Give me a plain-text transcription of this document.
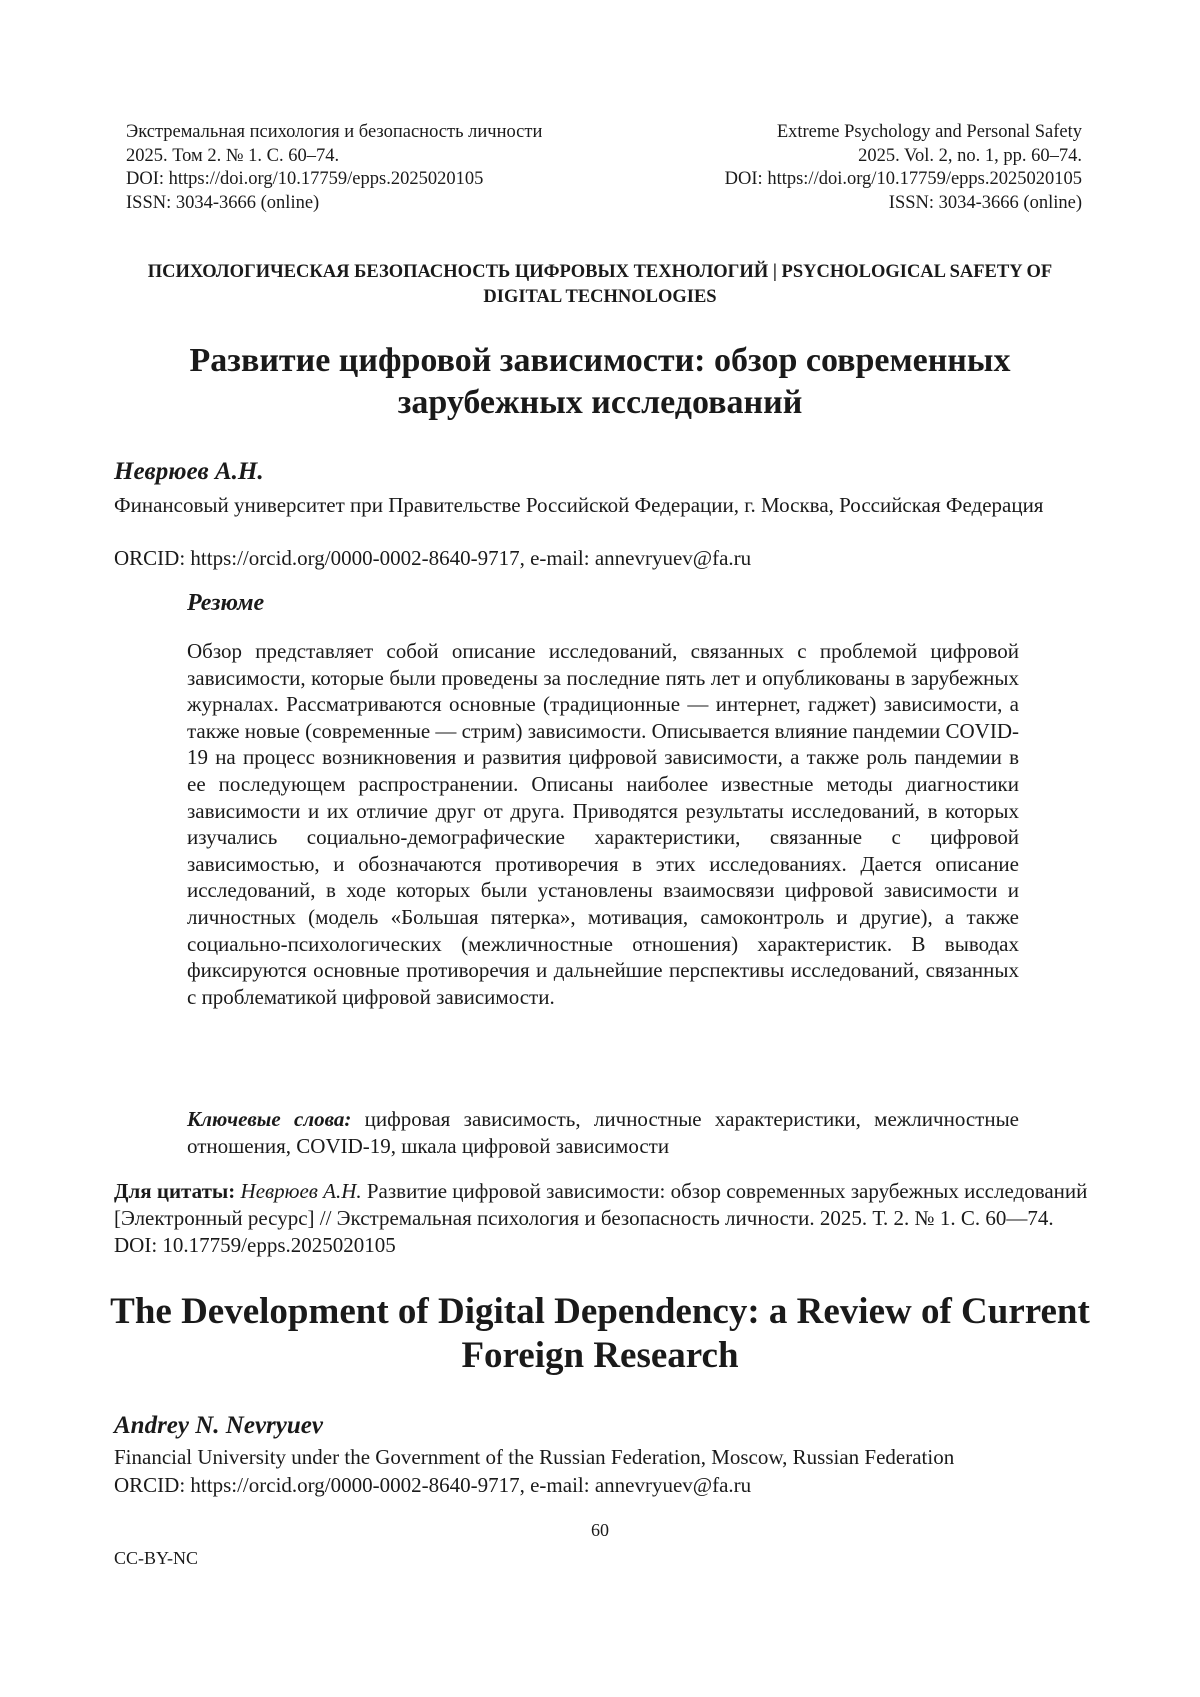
Экстремальная психология и безопасность личности
2025. Том 2. № 1. С. 60–74.
DOI: https://doi.org/10.17759/epps.2025020105
ISSN: 3034-3666 (online)
Extreme Psychology and Personal Safety
2025. Vol. 2, no. 1, pp. 60–74.
DOI: https://doi.org/10.17759/epps.2025020105
ISSN: 3034-3666 (online)
ПСИХОЛОГИЧЕСКАЯ БЕЗОПАСНОСТЬ ЦИФРОВЫХ ТЕХНОЛОГИЙ | PSYCHOLOGICAL SAFETY OF DIGITAL TECHNOLOGIES
Развитие цифровой зависимости: обзор современных зарубежных исследований
Неврюев А.Н.
Финансовый университет при Правительстве Российской Федерации, г. Москва, Российская Федерация
ORCID: https://orcid.org/0000-0002-8640-9717, e-mail: annevryuev@fa.ru
Резюме
Обзор представляет собой описание исследований, связанных с проблемой цифровой зависимости, которые были проведены за последние пять лет и опубликованы в зарубежных журналах. Рассматриваются основные (традиционные — интернет, гаджет) зависимости, а также новые (современные — стрим) зависимости. Описывается влияние пандемии COVID-19 на процесс возникновения и развития цифровой зависимости, а также роль пандемии в ее последующем распространении. Описаны наиболее известные методы диагностики зависимости и их отличие друг от друга. Приводятся результаты исследований, в которых изучались социально-демографические характеристики, связанные с цифровой зависимостью, и обозначаются противоречия в этих исследованиях. Дается описание исследований, в ходе которых были установлены взаимосвязи цифровой зависимости и личностных (модель «Большая пятерка», мотивация, самоконтроль и другие), а также социально-психологических (межличностные отношения) характеристик. В выводах фиксируются основные противоречия и дальнейшие перспективы исследований, связанных с проблематикой цифровой зависимости.
Ключевые слова: цифровая зависимость, личностные характеристики, межличностные отношения, COVID-19, шкала цифровой зависимости
Для цитаты: Неврюев А.Н. Развитие цифровой зависимости: обзор современных зарубежных исследований [Электронный ресурс] // Экстремальная психология и безопасность личности. 2025. Т. 2. № 1. С. 60—74. DOI: 10.17759/epps.2025020105
The Development of Digital Dependency: a Review of Current Foreign Research
Andrey N. Nevryuev
Financial University under the Government of the Russian Federation, Moscow, Russian Federation
ORCID: https://orcid.org/0000-0002-8640-9717, e-mail: annevryuev@fa.ru
60
CC-BY-NC
